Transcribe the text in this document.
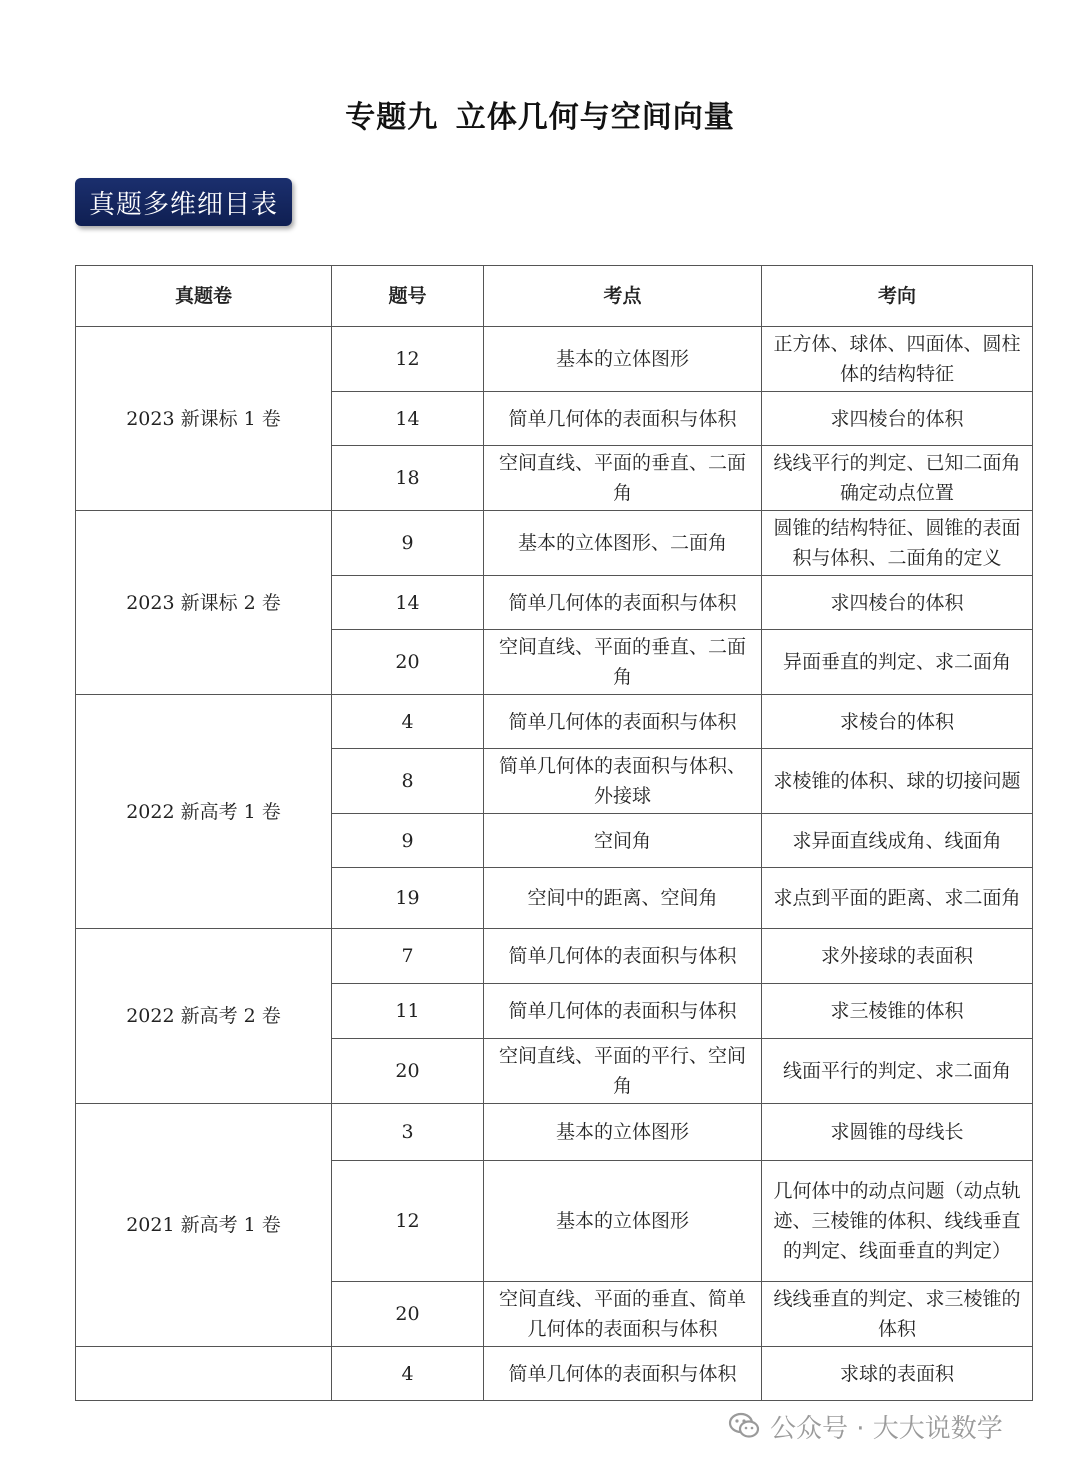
专题九 立体几何与空间向量
真题多维细目表
真题卷	题号	考点	考向
2023 新课标 1 卷	12	基本的立体图形	正方体、球体、四面体、圆柱体的结构特征
	14	简单几何体的表面积与体积	求四棱台的体积
	18	空间直线、平面的垂直、二面角	线线平行的判定、已知二面角确定动点位置
2023 新课标 2 卷	9	基本的立体图形、二面角	圆锥的结构特征、圆锥的表面积与体积、二面角的定义
	14	简单几何体的表面积与体积	求四棱台的体积
	20	空间直线、平面的垂直、二面角	异面垂直的判定、求二面角
2022 新高考 1 卷	4	简单几何体的表面积与体积	求棱台的体积
	8	简单几何体的表面积与体积、外接球	求棱锥的体积、球的切接问题
	9	空间角	求异面直线成角、线面角
	19	空间中的距离、空间角	求点到平面的距离、求二面角
2022 新高考 2 卷	7	简单几何体的表面积与体积	求外接球的表面积
	11	简单几何体的表面积与体积	求三棱锥的体积
	20	空间直线、平面的平行、空间角	线面平行的判定、求二面角
2021 新高考 1 卷	3	基本的立体图形	求圆锥的母线长
	12	基本的立体图形	几何体中的动点问题（动点轨迹、三棱锥的体积、线线垂直的判定、线面垂直的判定）
	20	空间直线、平面的垂直、简单几何体的表面积与体积	线线垂直的判定、求三棱锥的体积
	4	简单几何体的表面积与体积	求球的表面积
公众号 · 大大说数学
